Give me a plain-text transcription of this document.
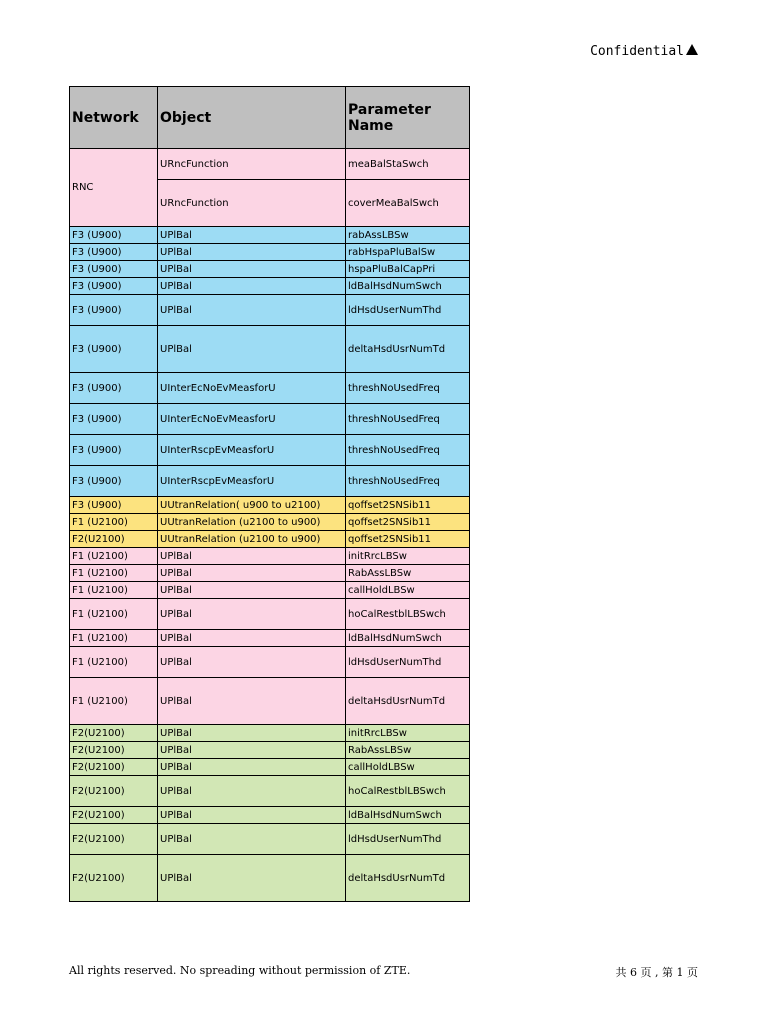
Confidential
Network	Object	Parameter Name
RNC	URncFunction	meaBalStaSwch
	URncFunction	coverMeaBalSwch
F3 (U900)	UPlBal	rabAssLBSw
F3 (U900)	UPlBal	rabHspaPluBalSw
F3 (U900)	UPlBal	hspaPluBalCapPri
F3 (U900)	UPlBal	ldBalHsdNumSwch
F3 (U900)	UPlBal	ldHsdUserNumThd
F3 (U900)	UPlBal	deltaHsdUsrNumTd
F3 (U900)	UInterEcNoEvMeasforU	threshNoUsedFreq
F3 (U900)	UInterEcNoEvMeasforU	threshNoUsedFreq
F3 (U900)	UInterRscpEvMeasforU	threshNoUsedFreq
F3 (U900)	UInterRscpEvMeasforU	threshNoUsedFreq
F3 (U900)	UUtranRelation( u900 to u2100)	qoffset2SNSib11
F1 (U2100)	UUtranRelation (u2100 to u900)	qoffset2SNSib11
F2(U2100)	UUtranRelation (u2100 to u900)	qoffset2SNSib11
F1 (U2100)	UPlBal	initRrcLBSw
F1 (U2100)	UPlBal	RabAssLBSw
F1 (U2100)	UPlBal	callHoldLBSw
F1 (U2100)	UPlBal	hoCalRestblLBSwch
F1 (U2100)	UPlBal	ldBalHsdNumSwch
F1 (U2100)	UPlBal	ldHsdUserNumThd
F1 (U2100)	UPlBal	deltaHsdUsrNumTd
F2(U2100)	UPlBal	initRrcLBSw
F2(U2100)	UPlBal	RabAssLBSw
F2(U2100)	UPlBal	callHoldLBSw
F2(U2100)	UPlBal	hoCalRestblLBSwch
F2(U2100)	UPlBal	ldBalHsdNumSwch
F2(U2100)	UPlBal	ldHsdUserNumThd
F2(U2100)	UPlBal	deltaHsdUsrNumTd
All rights reserved. No spreading without permission of ZTE.	共 6 页 , 第 1 页
